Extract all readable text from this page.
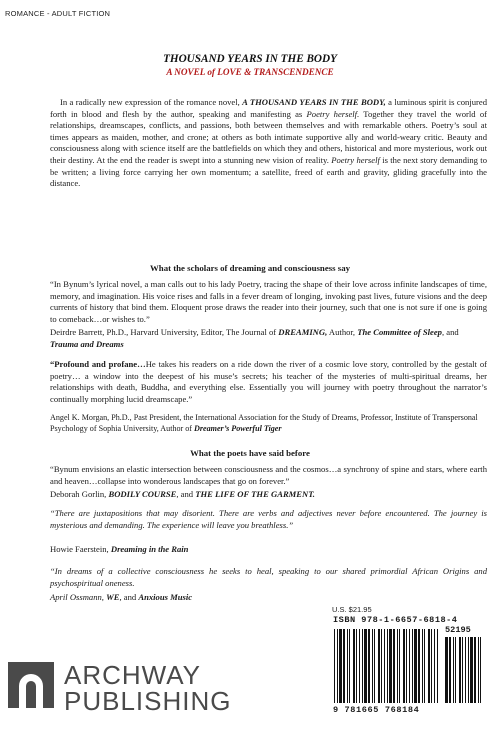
ROMANCE - ADULT FICTION
THOUSAND YEARS IN THE BODY
A NOVEL of LOVE & TRANSCENDENCE

In a radically new expression of the romance novel, A THOUSAND YEARS IN THE BODY, a luminous spirit is conjured forth in blood and flesh by the author, speaking and manifesting as Poetry herself. Together they travel the world of relationships, dreamscapes, conflicts, and passions, both between themselves and with remarkable others. Poetry’s soul at times appears as maiden, mother, and crone; at others as both intimate supportive ally and world-weary critic. Beauty and consciousness along with science itself are the battlefields on which they and others, historical and more mysterious, work out their destiny. At the end the reader is swept into a stunning new vision of reality. Poetry herself is the next story demanding to be written; a living force carrying her own momentum; a satellite, freed of earth and gravity, gliding gracefully into the distance.

What the scholars of dreaming and consciousness say

“In Bynum’s lyrical novel, a man calls out to his lady Poetry, tracing the shape of their love across infinite landscapes of time, memory, and imagination. His voice rises and falls in a fever dream of longing, invoking past lives, future visions and the deep currents of history that bind them. Eloquent prose draws the reader into their journey, such that one is not sure if one is going to comeback…or wishes to.”

Deirdre Barrett, Ph.D., Harvard University, Editor, The Journal of DREAMING, Author, The Committee of Sleep, and Trauma and Dreams

“Profound and profane…He takes his readers on a ride down the river of a cosmic love story, controlled by the gestalt of poetry… a window into the deepest of his muse’s secrets; his teacher of the mysteries of multi-spiritual dreams, her relationships with death, Buddha, and everything else. Essentially you will journey with poetry throughout the narrator’s continually morphing lucid dreamscape.”

Angel K. Morgan, Ph.D., Past President, the International Association for the Study of Dreams, Professor, Institute of Transpersonal Psychology of Sophia University, Author of Dreamer’s Powerful Tiger

What the poets have said before

“Bynum envisions an elastic intersection between consciousness and the cosmos…a synchrony of spine and stars, where earth and heaven…collapse into wonderous landscapes that go on forever.”

Deborah Gorlin, BODILY COURSE, and THE LIFE OF THE GARMENT.

“There are juxtapositions that may disorient. There are verbs and adjectives never before encountered. The journey is mysterious and demanding. The experience will leave you breathless.”

Howie Faerstein, Dreaming in the Rain

“In dreams of a collective consciousness he seeks to heal, speaking to our shared primordial African Origins and psychospiritual oneness.

April Ossmann, WE, and Anxious Music

U.S. $21.95
ISBN 978-1-6657-6818-4
52195
9 781665 768184
ARCHWAY
PUBLISHING
